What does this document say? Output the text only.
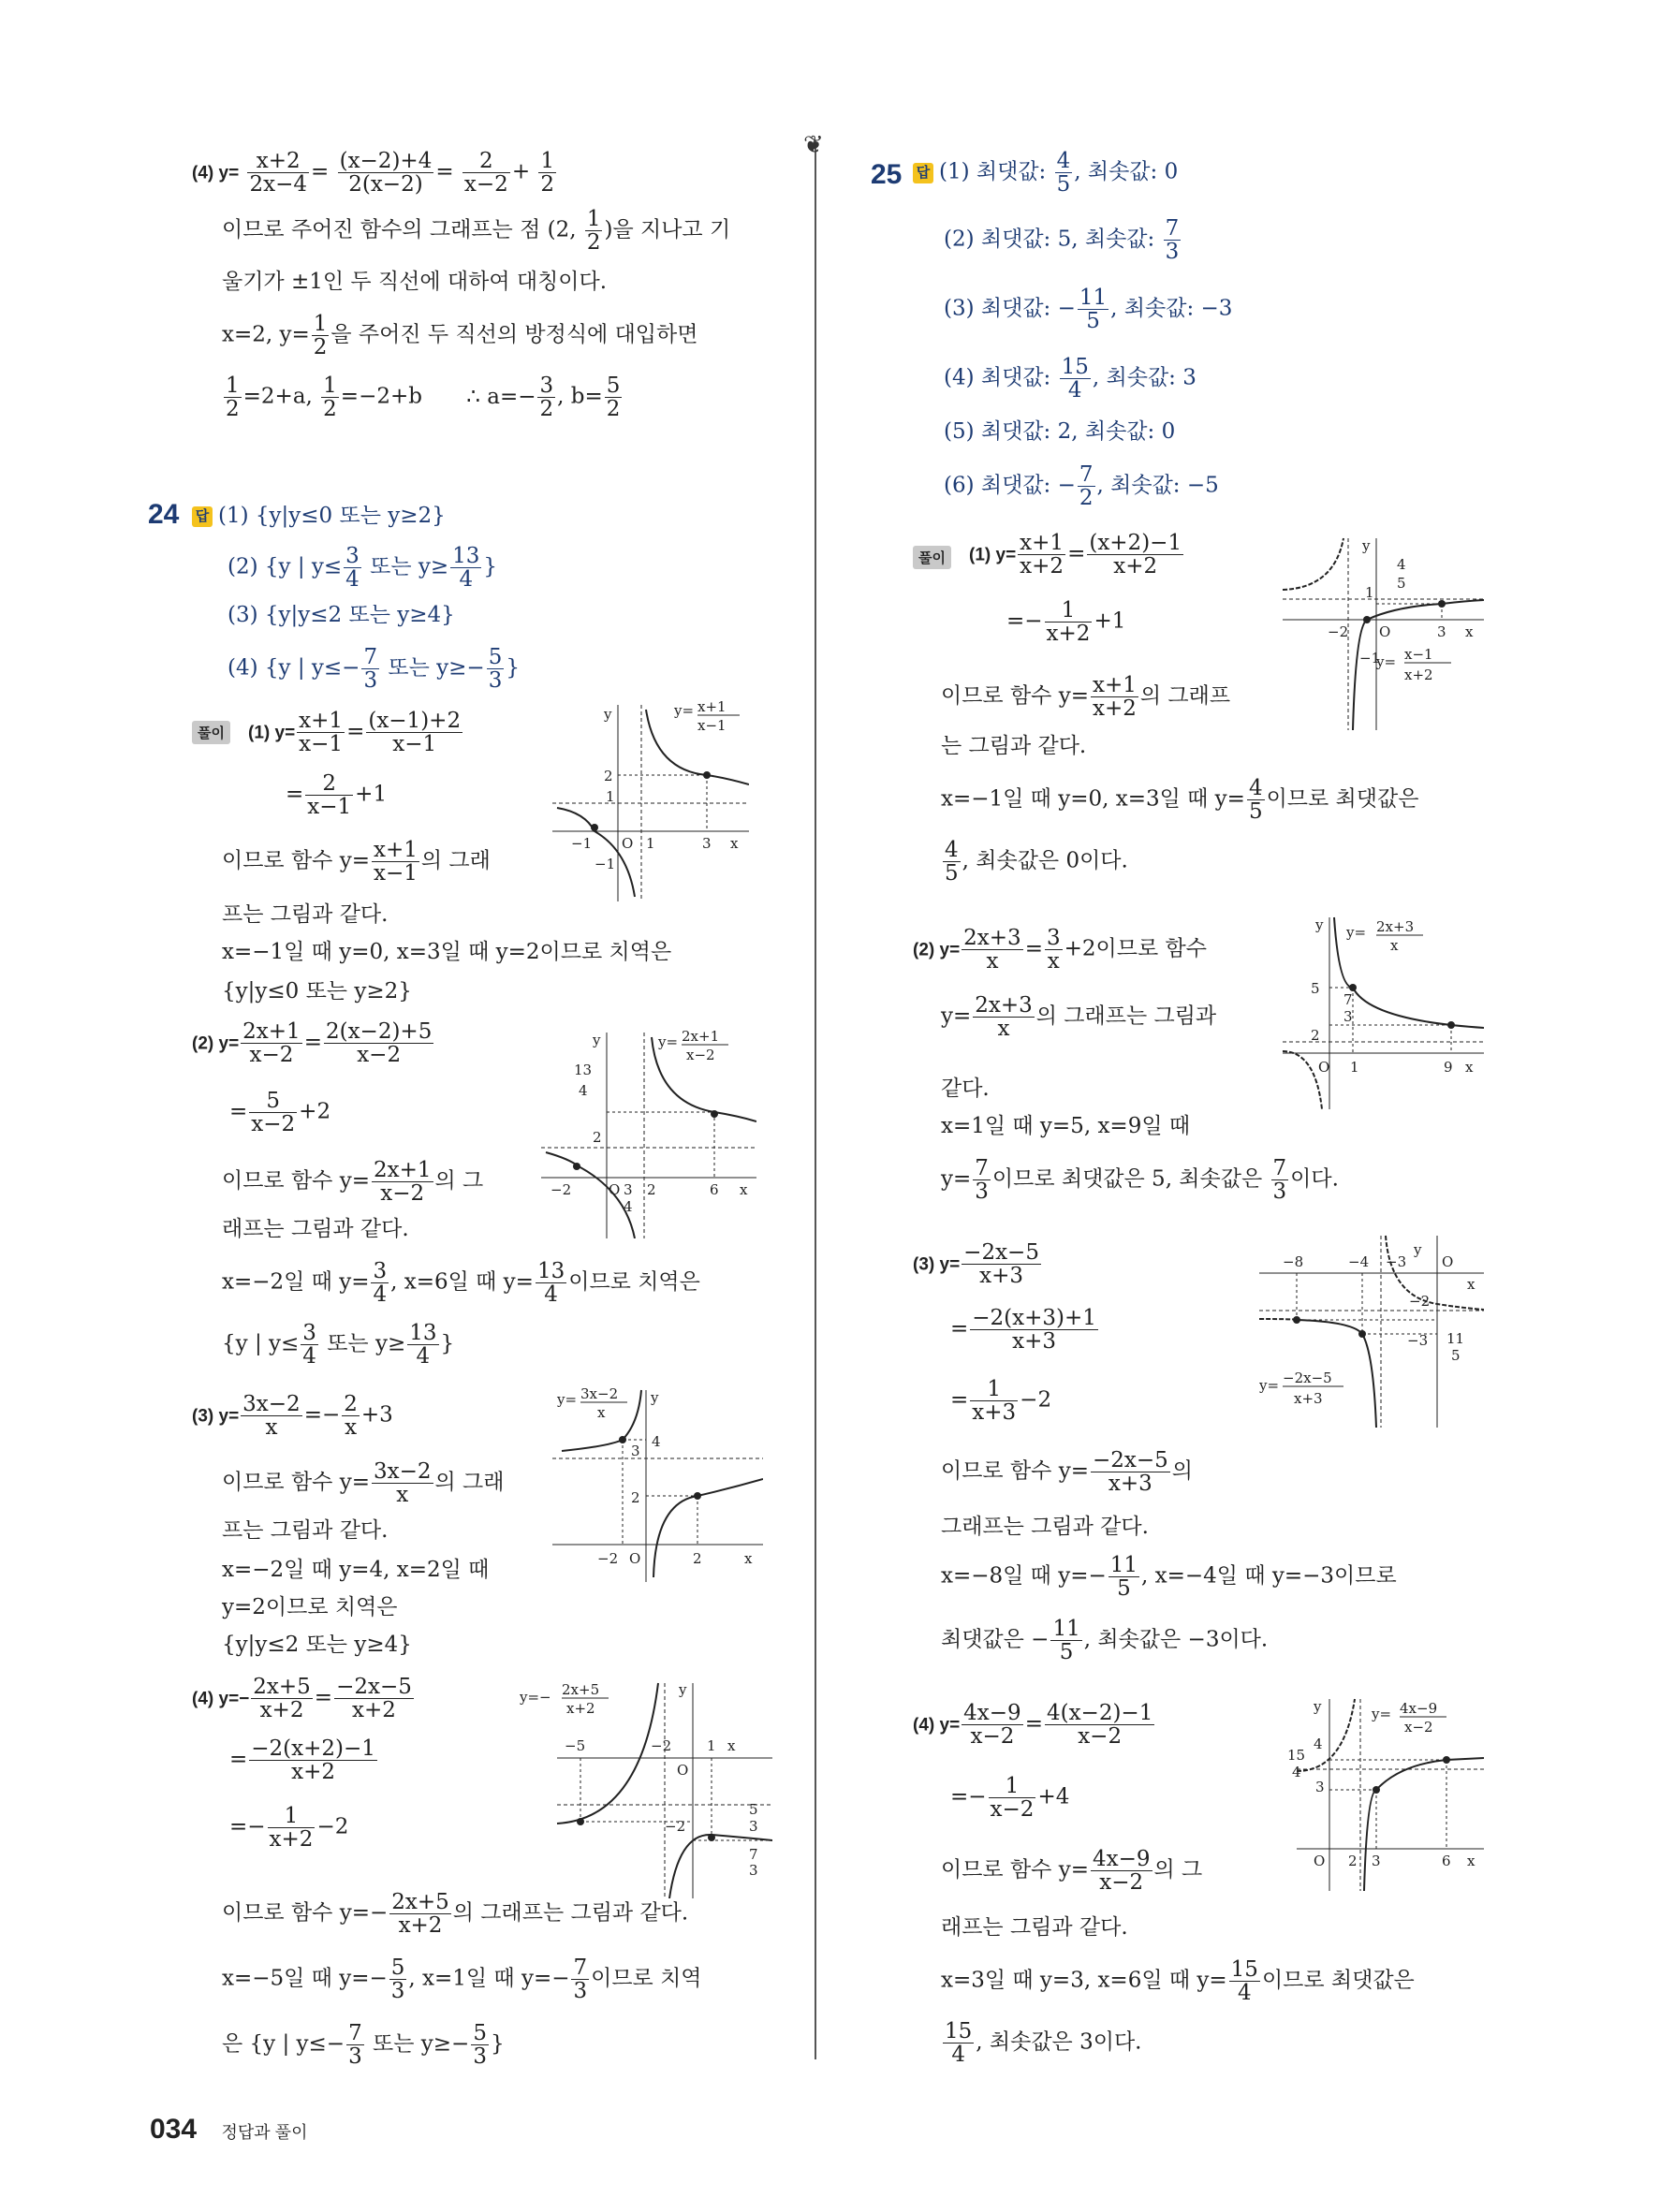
(4) $y= \frac{x+2}{2x-4} = \frac{(x-2)+4}{2(x-2)} = \frac{2}{x-2} + \frac{1}{2}$
이므로 주어진 함수의 그래프는 점 (2, $\frac{1}{2}$ )을 지나고 기
울기가 ±1인 두 직선에 대하여 대칭이다.
x=2, $y= \frac{1}{2}$ 을 주어진 두 직선의 방정식에 대입하면
$\frac{1}{2} =2+a$, $\frac{1}{2} =-2+b$ ∴ $a=- \frac{3}{2}$ , $b= \frac{5}{2}$
24 답 (1) {y|y≤0 또는 y≥2}
(2) {y | $y\le \frac{3}{4}$ 또는 $y\ge \frac{13}{4}$ }
(3) {y|y≤2 또는 y≥4}
(4) {y | $y\le- \frac{7}{3}$ 또는 $y\ge- \frac{5}{3}$ }
풀이	(1) $y= \frac{x+1}{x-1} = \frac{(x-1)+2}{x-1}$
= $\frac{2}{x-1} +1$
이므로 함수 $y= \frac{x+1}{x-1}$ 의 그래
프는 그림과 같다.
x=−1일 때 y=0, x=3일 때 y=2이므로 치역은
{y|y≤0 또는 y≥2}
(2) $y= \frac{2x+1}{x-2} = \frac{2(x-2)+5}{x-2}$
= $\frac{5}{x-2} +2$
이므로 함수 $y= \frac{2x+1}{x-2}$ 의 그
래프는 그림과 같다.
x=−2일 때 $y= \frac{3}{4}$ , x=6일 때 $y= \frac{13}{4}$ 이므로 치역은
{y | $y\le \frac{3}{4}$ 또는 $y\ge \frac{13}{4}$ }
(3) $y= \frac{3x-2}{x} =- \frac{2}{x} +3$
이므로 함수 $y= \frac{3x-2}{x}$ 의 그래
프는 그림과 같다.
x=−2일 때 y=4, x=2일 때
y=2이므로 치역은
{y|y≤2 또는 y≥4}
(4) $y=- \frac{2x+5}{x+2} = \frac{-2x-5}{x+2}$
= $\frac{-2(x+2)-1}{x+2}$
=− $\frac{1}{x+2} -2$
이므로 함수 $y=- \frac{2x+5}{x+2}$ 의 그래프는 그림과 같다.
x=−5일 때 $y=- \frac{5}{3}$ , x=1일 때 $y=- \frac{7}{3}$ 이므로 치역
은 {y | $y\le- \frac{7}{3}$ 또는 $y\ge- \frac{5}{3}$ }
y
2
1
−1
−1 O 1	3 x
y= x+1
x−1
y
13
4
2
3
4
−2	O 2	6 x
y= 2x+1
x−2
y
4
3
2
−2 O	2	x
y= 3x−2
x
y
−2
5
3
7
3
−5	−2
O
1 x
y=− 2x+5
x+2
❦
25 답 (1) 최댓값: $\frac{4}{5}$ , 최솟값: 0
(2) 최댓값: 5, 최솟값: $\frac{7}{3}$
(3) 최댓값: − $\frac{11}{5}$ , 최솟값: −3
(4) 최댓값: $\frac{15}{4}$ , 최솟값: 3
(5) 최댓값: 2, 최솟값: 0
(6) 최댓값: − $\frac{7}{2}$ , 최솟값: −5
풀이	(1) $y= \frac{x+1}{x+2} = \frac{(x+2)-1}{x+2}$
=− $\frac{1}{x+2} +1$
이므로 함수 $y= \frac{x+1}{x+2}$ 의 그래프
는 그림과 같다.
x=−1일 때 y=0, x=3일 때 $y= \frac{4}{5}$ 이므로 최댓값은
$\frac{4}{5}$ , 최솟값은 0이다.
(2) $y= \frac{2x+3}{x} = \frac{3}{x} +2$이므로 함수
$y= \frac{2x+3}{x}$ 의 그래프는 그림과
같다.
x=1일 때 y=5, x=9일 때
$y= \frac{7}{3}$ 이므로 최댓값은 5, 최솟값은 $\frac{7}{3}$ 이다.
(3) $y= \frac{-2x-5}{x+3}$
= $\frac{-2(x+3)+1}{x+3}$
= $\frac{1}{x+3} -2$
이므로 함수 $y= \frac{-2x-5}{x+3}$ 의
그래프는 그림과 같다.
x=−8일 때 $y=- \frac{11}{5}$ , x=−4일 때 y=−3이므로
최댓값은 − $\frac{11}{5}$ , 최솟값은 −3이다.
(4) $y= \frac{4x-9}{x-2} = \frac{4(x-2)-1}{x-2}$
=− $\frac{1}{x-2} +4$
이므로 함수 $y= \frac{4x-9}{x-2}$ 의 그
래프는 그림과 같다.
x=3일 때 y=3, x=6일 때 $y= \frac{15}{4}$ 이므로 최댓값은
$\frac{15}{4}$ , 최솟값은 3이다.
y
1
4
5
−1
−2 O	3 x
y= x−1
x+2
y
5
2
7
3
O 1	9 x
y= 2x+3
x
y
−2
−3 11
5
−8	−4 −3	O
x
y= −2x−5
x+3
y
15
4
4
3
O 2 3	6 x
y= 4x−9
x−2
034 정답과 풀이
